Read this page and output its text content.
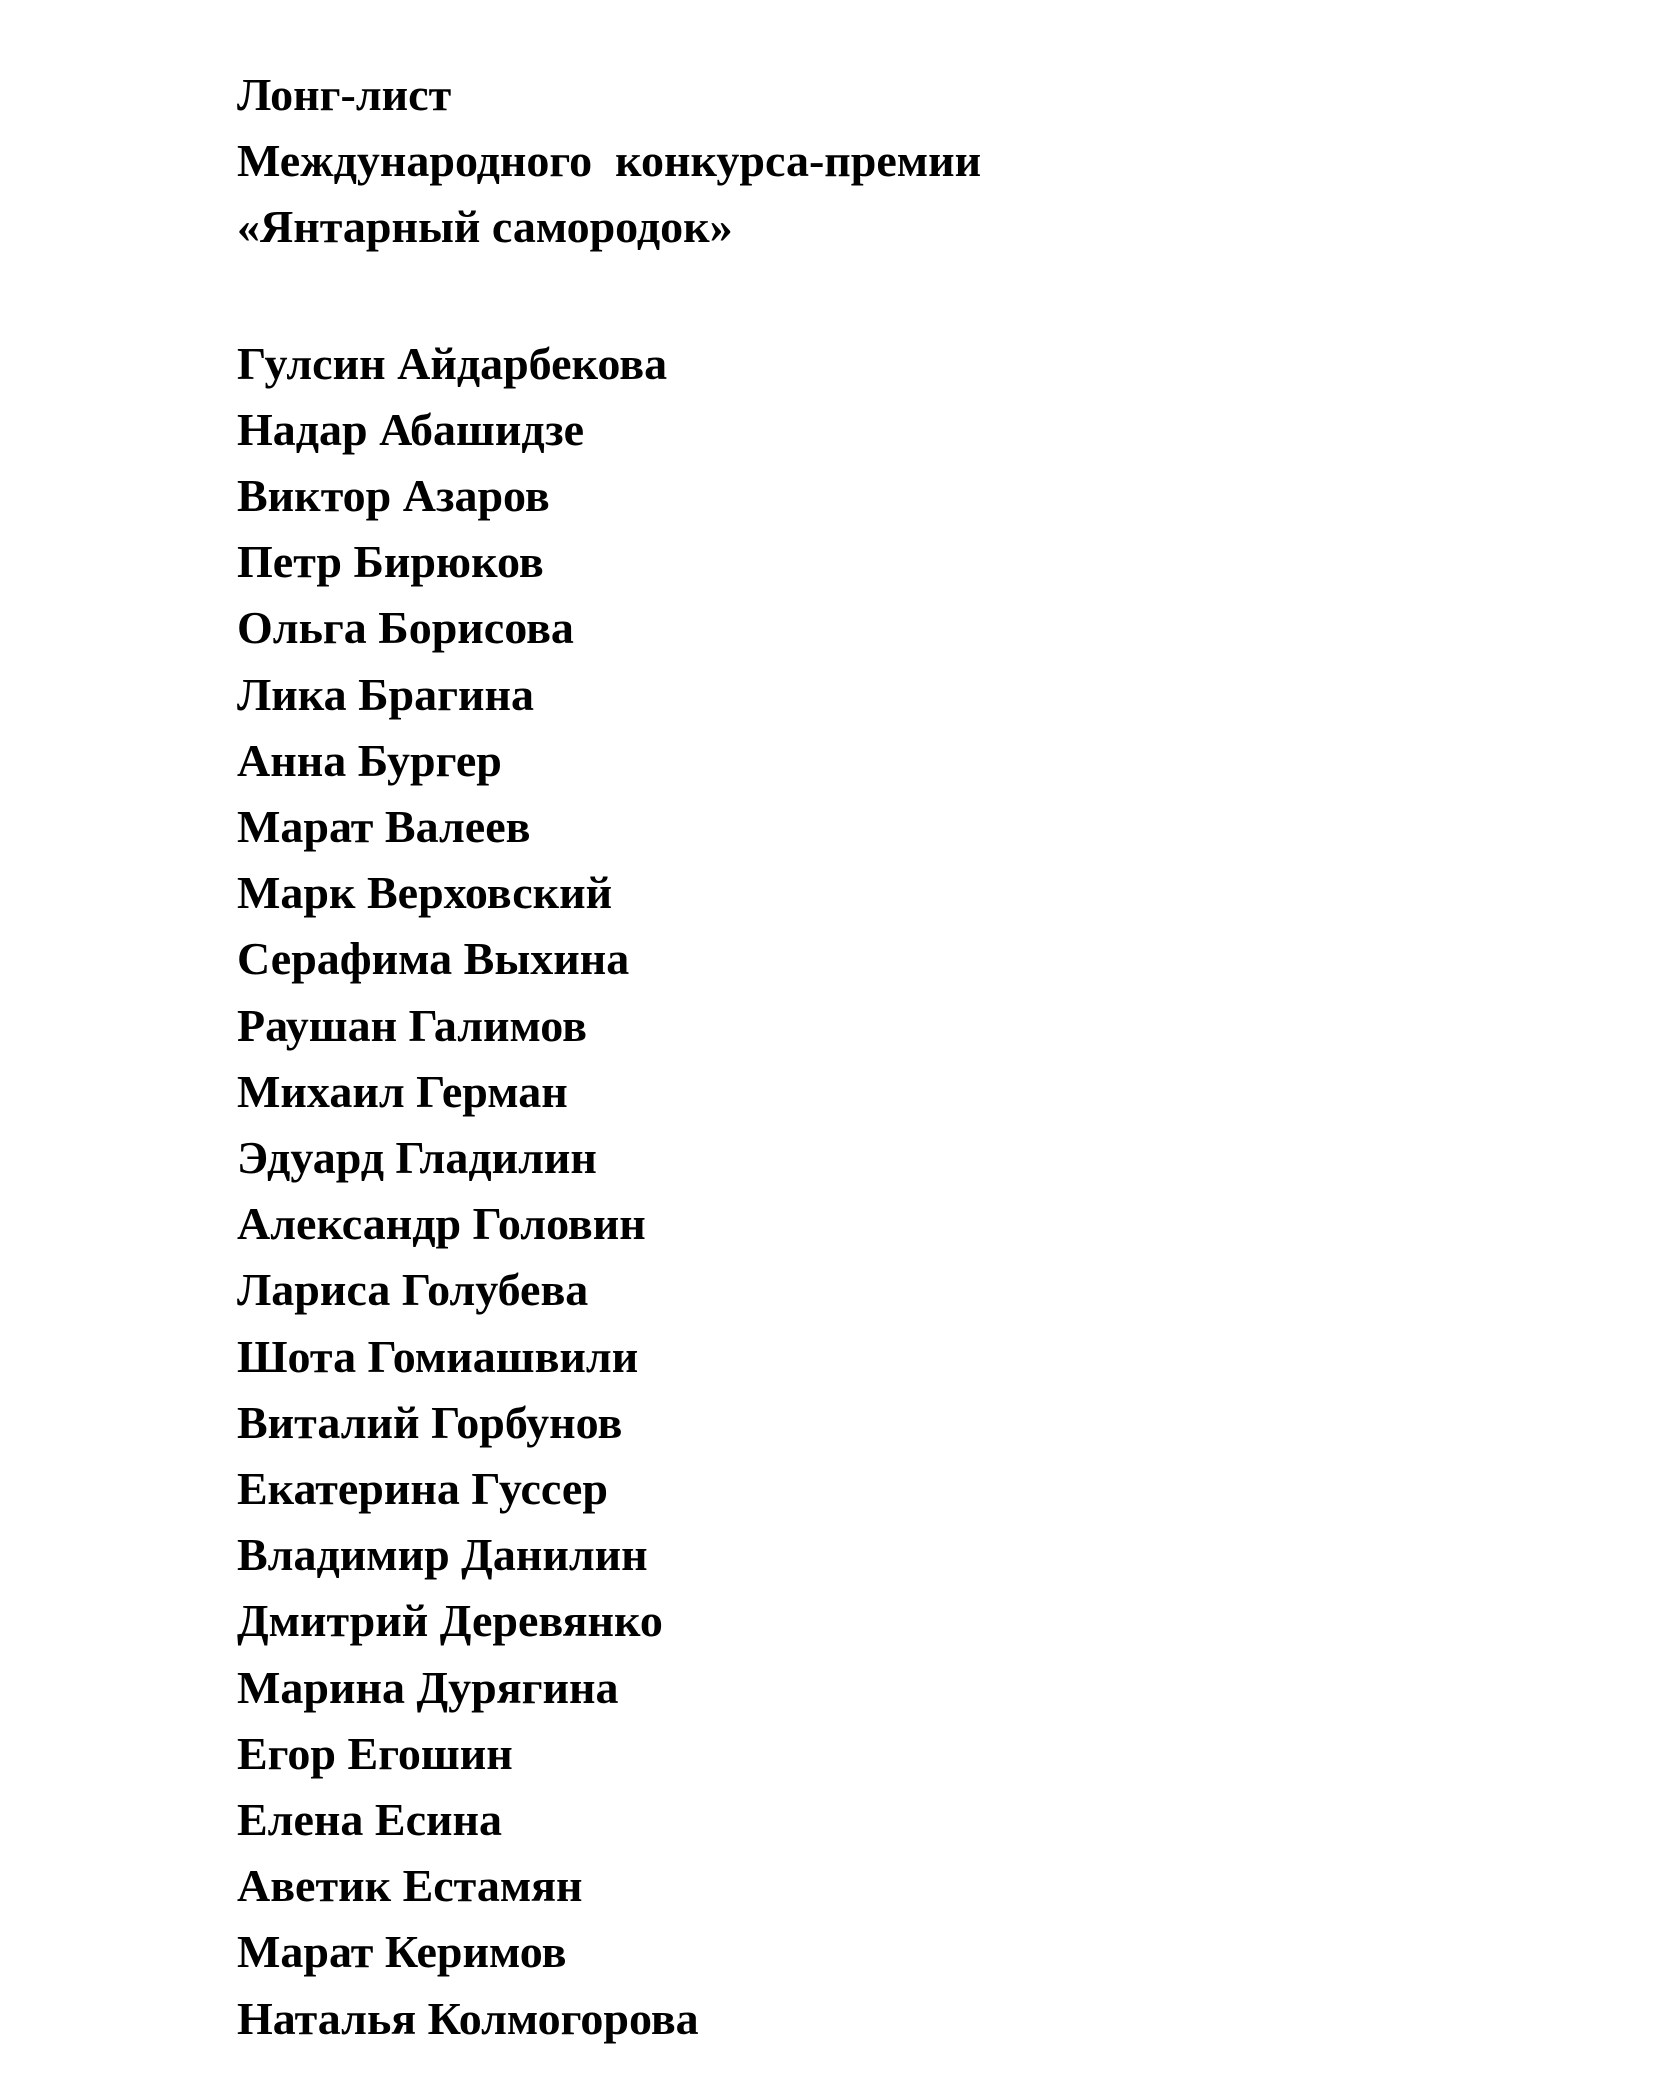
Лонг-лист
Международного  конкурса-премии
«Янтарный самородок»
Гулсин Айдарбекова
Надар Абашидзе
Виктор Азаров
Петр Бирюков
Ольга Борисова
Лика Брагина
Анна Бургер
Марат Валеев
Марк Верховский
Серафима Выхина
Раушан Галимов
Михаил Герман
Эдуард Гладилин
Александр Головин
Лариса Голубева
Шота Гомиашвили
Виталий Горбунов
Екатерина Гуссер
Владимир Данилин
Дмитрий Деревянко
Марина Дурягина
Егор Егошин
Елена Есина
Аветик Естамян
Марат Керимов
Наталья Колмогорова
